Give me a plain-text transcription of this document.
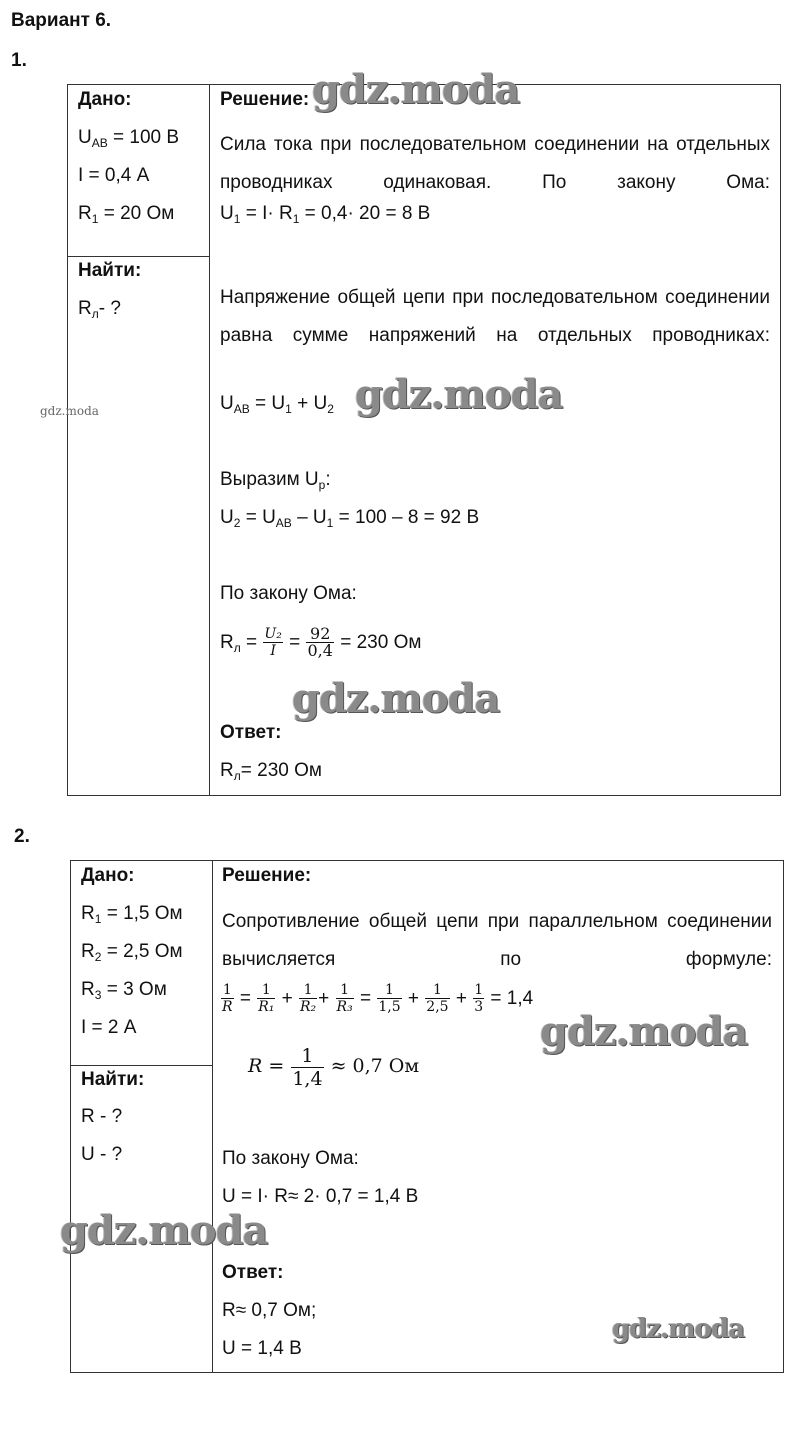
Вариант 6.
1.
Дано:
$U_{AB} = 100$ В
I = 0,4 А
$R_1 = 20$ Ом
Найти:
$R_л-$ ?
Решение:
Сила тока при последовательном соединении на отдельных проводниках одинаковая. По закону Ома:
$U_1 = I\cdot R_1 = 0,4\cdot 20 = 8$ В
Напряжение общей цепи при последовательном соединении равна сумме напряжений на отдельных проводниках:
$U_{AB} = U_1 + U_2$
Выразим $U_р$:
$U_2 = U_{AB} - U_1 = 100 - 8 = 92$ В
По закону Ома:
$R_л = \frac{\text{U₂}}{I} = \frac{92}{0,4} = 230$ Ом
Ответ:
$R_л= 230$ Ом
2.
Дано:
$R_1 = 1,5$ Ом
$R_2 = 2,5$ Ом
$R_3 = 3$ Ом
I = 2 А
Найти:
R - ?
U - ?
Решение:
Сопротивление общей цепи при параллельном соединении вычисляется по формуле:
$\frac{1}{R} = \frac{1}{\text{R₁}} + \frac{1}{\text{R₂}} + \frac{1}{\text{R₃}} = \frac{1}{1,5} + \frac{1}{2,5} + \frac{1}{3} = 1,4$
$R = \frac{1}{1,4} \approx 0,7$ Ом
По закону Ома:
U = I· R≈ 2· 0,7 = 1,4 В
Ответ:
R≈ 0,7 Ом;
U = 1,4 В
gdz.moda
gdz.moda
gdz.moda
gdz.moda
gdz.moda
gdz.moda
gdz.moda
